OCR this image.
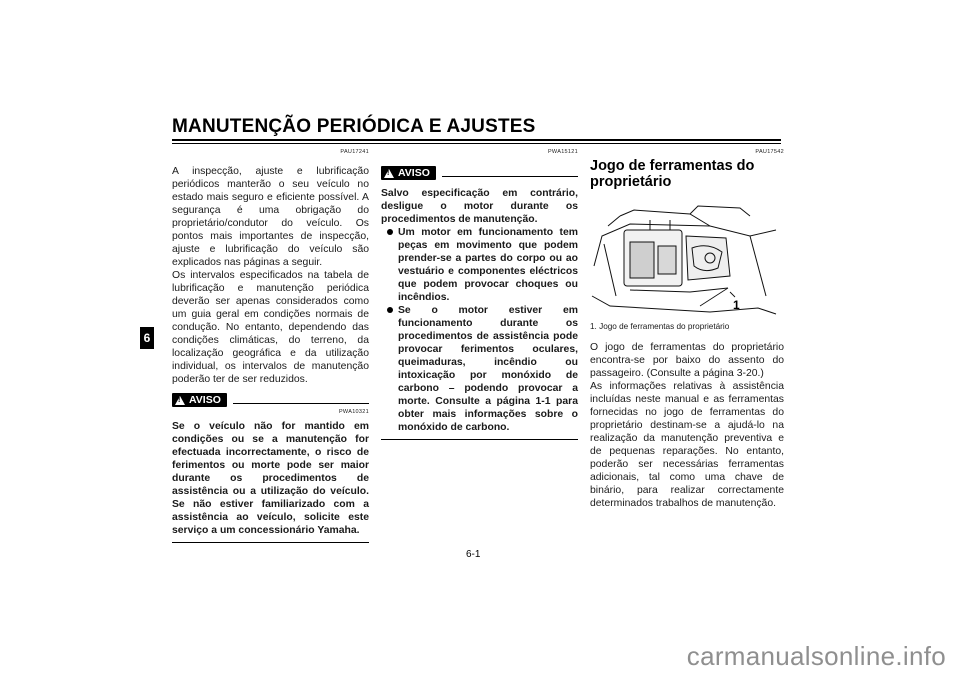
MANUTENÇÃO PERIÓDICA E AJUSTES
6
PAU17241

A inspecção, ajuste e lubrificação periódicos manterão o seu veículo no estado mais seguro e eficiente possível. A segurança é uma obrigação do proprietário/condutor do veículo. Os pontos mais importantes de inspecção, ajuste e lubrificação do veículo são explicados nas páginas a seguir.

Os intervalos especificados na tabela de lubrificação e manutenção periódica deverão ser apenas considerados como um guia geral em condições normais de condução. No entanto, dependendo das condições climáticas, do terreno, da localização geográfica e da utilização individual, os intervalos de manutenção poderão ter de ser reduzidos.

!
AVISO
PWA10321

Se o veículo não for mantido em condições ou se a manutenção for efectuada incorrectamente, o risco de ferimentos ou morte pode ser maior durante os procedimentos de assistência ou a utilização do veículo. Se não estiver familiarizado com a assistência ao veículo, solicite este serviço a um concessionário Yamaha.

PWA15121
!
AVISO

Salvo especificação em contrário, desligue o motor durante os procedimentos de manutenção.

Um motor em funcionamento tem peças em movimento que podem prender-se a partes do corpo ou ao vestuário e componentes eléctricos que podem provocar choques ou incêndios.
Se o motor estiver em funcionamento durante os procedimentos de assistência pode provocar ferimentos oculares, queimaduras, incêndio ou intoxicação por monóxido de carbono – podendo provocar a morte. Consulte a página 1-1 para obter mais informações sobre o monóxido de carbono.
PAU17542
Jogo de ferramentas do proprietário
1
1. Jogo de ferramentas do proprietário

O jogo de ferramentas do proprietário encontra-se por baixo do assento do passageiro. (Consulte a página 3-20.)

As informações relativas à assistência incluídas neste manual e as ferramentas fornecidas no jogo de ferramentas do proprietário destinam-se a ajudá-lo na realização da manutenção preventiva e de pequenas reparações. No entanto, poderão ser necessárias ferramentas adicionais, tal como uma chave de binário, para realizar correctamente determinados trabalhos de manutenção.

6-1
carmanualsonline.info
